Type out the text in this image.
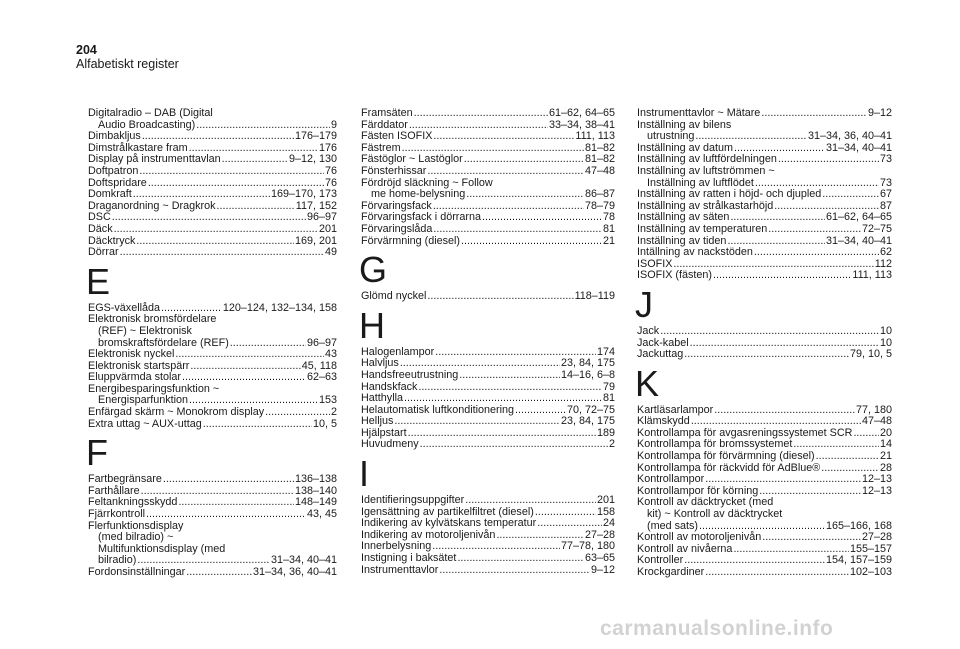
204
Alfabetiskt register
Digitalradio – DAB (Digital
Audio Broadcasting) .....	9
Dimbakljus .....	176–179
Dimstrålkastare fram .....	176
Display på instrumenttavlan .....	9–12, 130
Doftpatron .....	76
Doftspridare .....	76
Domkraft .....	169–170, 173
Draganordning ~ Dragkrok .....	117, 152
DSC .....	96–97
Däck .....	201
Däcktryck .....	169, 201
Dörrar .....	49
E
EGS-växellåda .....	120–124, 132–134, 158
Elektronisk bromsfördelare
(REF) ~ Elektronisk
bromskraftsfördelare (REF) .....	96–97
Elektronisk nyckel .....	43
Elektronisk startspärr .....	45, 118
Eluppvärmda stolar .....	62–63
Energibesparingsfunktion ~
Energisparfunktion .....	153
Enfärgad skärm ~ Monokrom display .....	2
Extra uttag ~ AUX-uttag .....	10, 5
F
Fartbegränsare .....	136–138
Farthållare .....	138–140
Feltankningsskydd .....	148–149
Fjärrkontroll .....	43, 45
Flerfunktionsdisplay
(med bilradio) ~
Multifunktionsdisplay (med
bilradio) .....	31–34, 40–41
Fordonsinställningar .....	31–34, 36, 40–41
Framsäten .....	61–62, 64–65
Färddator .....	33–34, 38–41
Fästen ISOFIX .....	111, 113
Fästrem .....	81–82
Fästöglor ~ Lastöglor .....	81–82
Fönsterhissar .....	47–48
Fördröjd släckning ~ Follow
me home-belysning .....	86–87
Förvaringsfack .....	78–79
Förvaringsfack i dörrarna .....	78
Förvaringslåda .....	81
Förvärmning (diesel) .....	21
G
Glömd nyckel .....	118–119
H
Halogenlampor .....	174
Halvljus .....	23, 84, 175
Handsfreeutrustning .....	14–16, 6–8
Handskfack .....	79
Hatthylla .....	81
Helautomatisk luftkonditionering .....	70, 72–75
Helljus .....	23, 84, 175
Hjälpstart .....	189
Huvudmeny .....	2
I
Identifieringsuppgifter .....	201
Igensättning av partikelfiltret (diesel) .....	158
Indikering av kylvätskans temperatur .....	24
Indikering av motoroljenivån .....	27–28
Innerbelysning .....	77–78, 180
Instigning i baksätet .....	63–65
Instrumenttavlor .....	9–12
Instrumenttavlor ~ Mätare .....	9–12
Inställning av bilens
utrustning .....	31–34, 36, 40–41
Inställning av datum .....	31–34, 40–41
Inställning av luftfördelningen .....	73
Inställning av luftströmmen ~
Inställning av luftflödet .....	73
Inställning av ratten i höjd- och djupled .....	67
Inställning av strålkastarhöjd .....	87
Inställning av säten .....	61–62, 64–65
Inställning av temperaturen .....	72–75
Inställning av tiden .....	31–34, 40–41
Intällning av nackstöden .....	62
ISOFIX .....	112
ISOFIX (fästen) .....	111, 113
J
Jack .....	10
Jack-kabel .....	10
Jackuttag .....	79, 10, 5
K
Kartläsarlampor .....	77, 180
Klämskydd .....	47–48
Kontrollampa för avgasreningssystemet SCR .....	20
Kontrollampa för bromssystemet .....	14
Kontrollampa för förvärmning (diesel) .....	21
Kontrollampa för räckvidd för AdBlue® .....	28
Kontrollampor .....	12–13
Kontrollampor för körning .....	12–13
Kontroll av däcktrycket (med
kit) ~ Kontroll av däcktrycket
(med sats) .....	165–166, 168
Kontroll av motoroljenivån .....	27–28
Kontroll av nivåerna .....	155–157
Kontroller .....	154, 157–159
Krockgardiner .....	102–103
carmanualsonline.info
